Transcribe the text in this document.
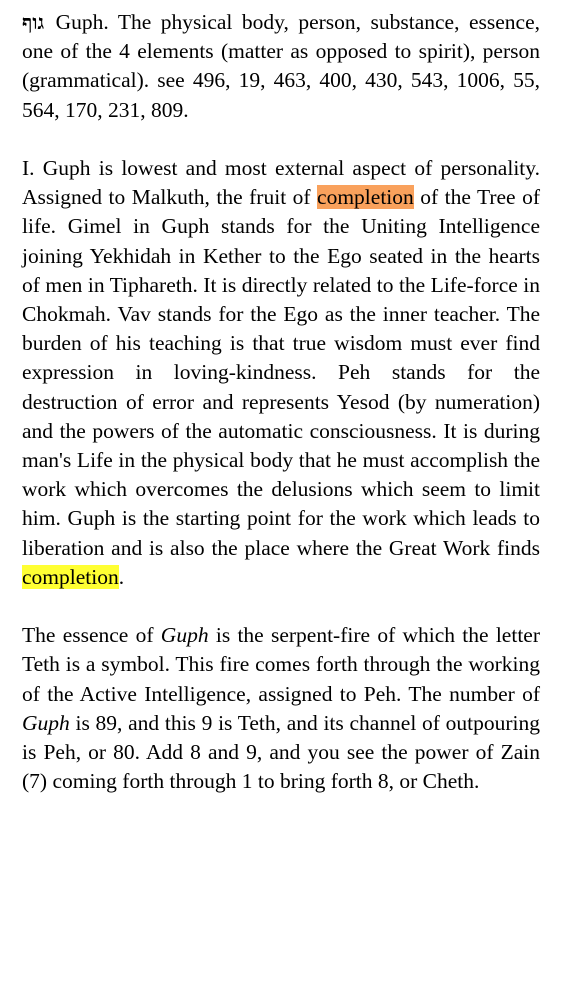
גוף Guph. The physical body, person, substance, essence, one of the 4 elements (matter as opposed to spirit), person (grammatical). see 496, 19, 463, 400, 430, 543, 1006, 55, 564, 170, 231, 809.

I. Guph is lowest and most external aspect of personality. Assigned to Malkuth, the fruit of completion of the Tree of life. Gimel in Guph stands for the Uniting Intelligence joining Yekhidah in Kether to the Ego seated in the hearts of men in Tiphareth. It is directly related to the Life-force in Chokmah. Vav stands for the Ego as the inner teacher. The burden of his teaching is that true wisdom must ever find expression in loving-kindness. Peh stands for the destruction of error and represents Yesod (by numeration) and the powers of the automatic consciousness. It is during man's Life in the physical body that he must accomplish the work which overcomes the delusions which seem to limit him. Guph is the starting point for the work which leads to liberation and is also the place where the Great Work finds completion.

The essence of Guph is the serpent-fire of which the letter Teth is a symbol. This fire comes forth through the working of the Active Intelligence, assigned to Peh. The number of Guph is 89, and this 9 is Teth, and its channel of outpouring is Peh, or 80. Add 8 and 9, and you see the power of Zain (7) coming forth through 1 to bring forth 8, or Cheth.
